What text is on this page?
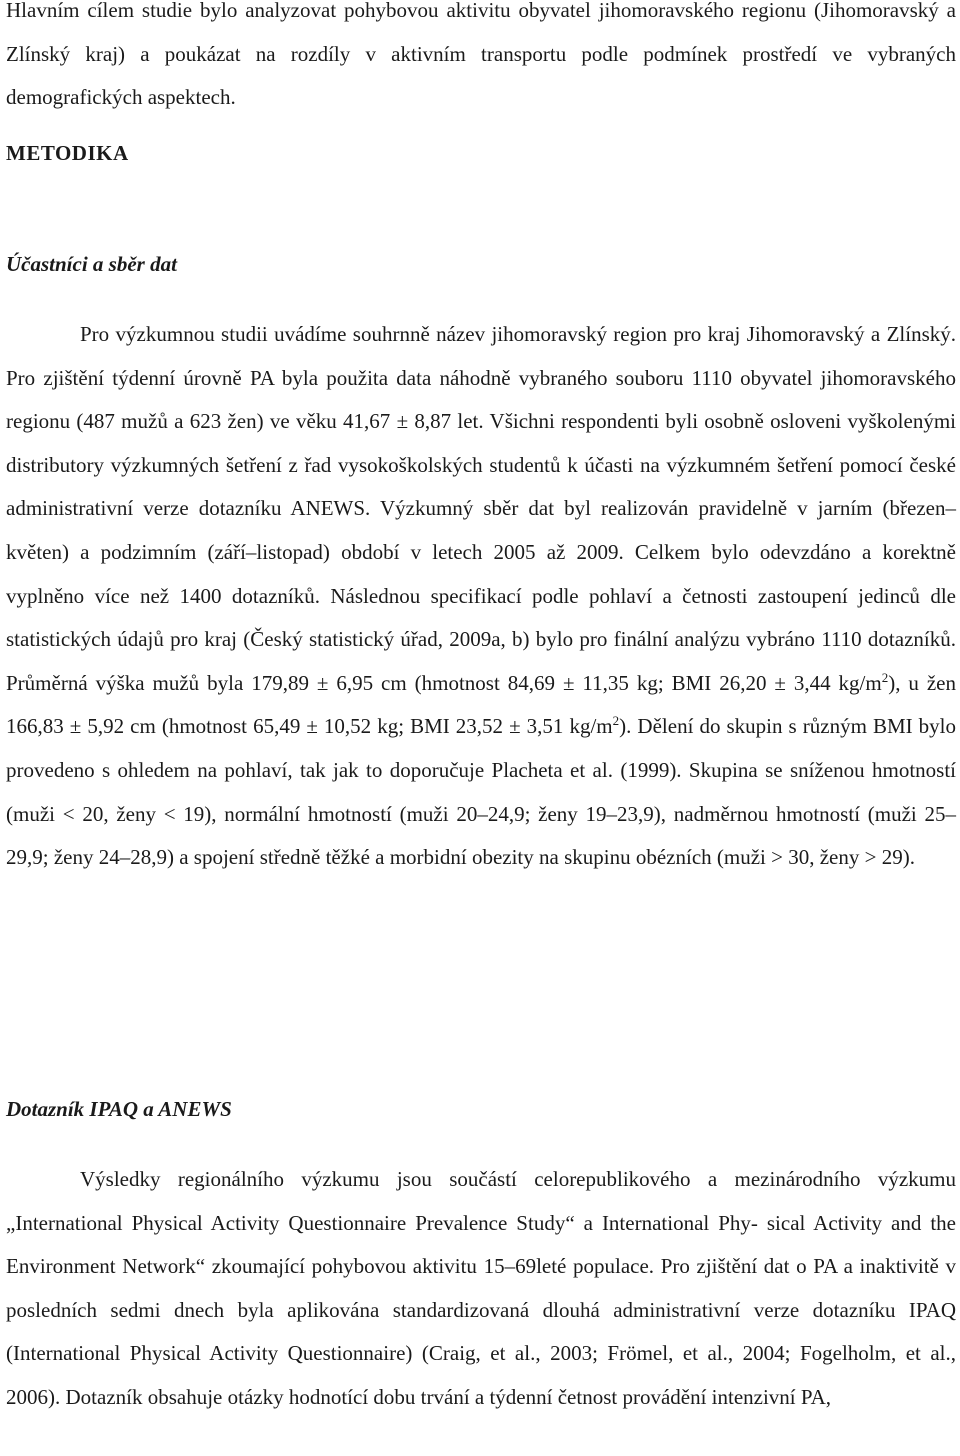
Hlavním cílem studie bylo analyzovat pohybovou aktivitu obyvatel jihomoravského regionu (Jihomoravský a Zlínský kraj) a poukázat na rozdíly v aktivním transportu podle podmínek prostředí ve vybraných demografických aspektech.

METODIKA
Účastníci a sběr dat

Pro výzkumnou studii uvádíme souhrnně název jihomoravský region pro kraj Jihomoravský a Zlínský. Pro zjištění týdenní úrovně PA byla použita data náhodně vybraného souboru 1110 obyvatel jihomoravského regionu (487 mužů a 623 žen) ve věku 41,67 ± 8,87 let. Všichni respondenti byli osobně osloveni vyškolenými distributory výzkumných šetření z řad vysokoškolských studentů k účasti na výzkumném šetření pomocí české administrativní verze dotazníku ANEWS. Výzkumný sběr dat byl realizován pravidelně v jarním (březen–květen) a podzimním (září–listopad) období v letech 2005 až 2009. Celkem bylo odevzdáno a korektně vyplněno více než 1400 dotazníků. Následnou specifikací podle pohlaví a četnosti zastoupení jedinců dle statistických údajů pro kraj (Český statistický úřad, 2009a, b) bylo pro finální analýzu vybráno 1110 dotazníků. Průměrná výška mužů byla 179,89 ± 6,95 cm (hmotnost 84,69 ± 11,35 kg; BMI 26,20 ± 3,44 $kg/m^2$), u žen 166,83 ± 5,92 cm (hmotnost 65,49 ± 10,52 kg; BMI 23,52 ± 3,51 $kg/m^2$). Dělení do skupin s různým BMI bylo provedeno s ohledem na pohlaví, tak jak to doporučuje Placheta et al. (1999). Skupina se sníženou hmotností (muži < 20, ženy < 19), normální hmotností (muži 20–24,9; ženy 19–23,9), nadměrnou hmotností (muži 25–29,9; ženy 24–28,9) a spojení středně těžké a morbidní obezity na skupinu obézních (muži > 30, ženy > 29).

Dotazník IPAQ a ANEWS

Výsledky regionálního výzkumu jsou součástí celorepublikového a mezinárodního výzkumu „International Physical Activity Questionnaire Prevalence Study“ a International Phy- sical Activity and the Environment Network“ zkoumající pohybovou aktivitu 15–69leté populace. Pro zjištění dat o PA a inaktivitě v posledních sedmi dnech byla aplikována standardizovaná dlouhá administrativní verze dotazníku IPAQ (International Physical Activity Questionnaire) (Craig, et al., 2003; Frömel, et al., 2004; Fogelholm, et al., 2006). Dotazník obsahuje otázky hodnotící dobu trvání a týdenní četnost provádění intenzivní PA,
